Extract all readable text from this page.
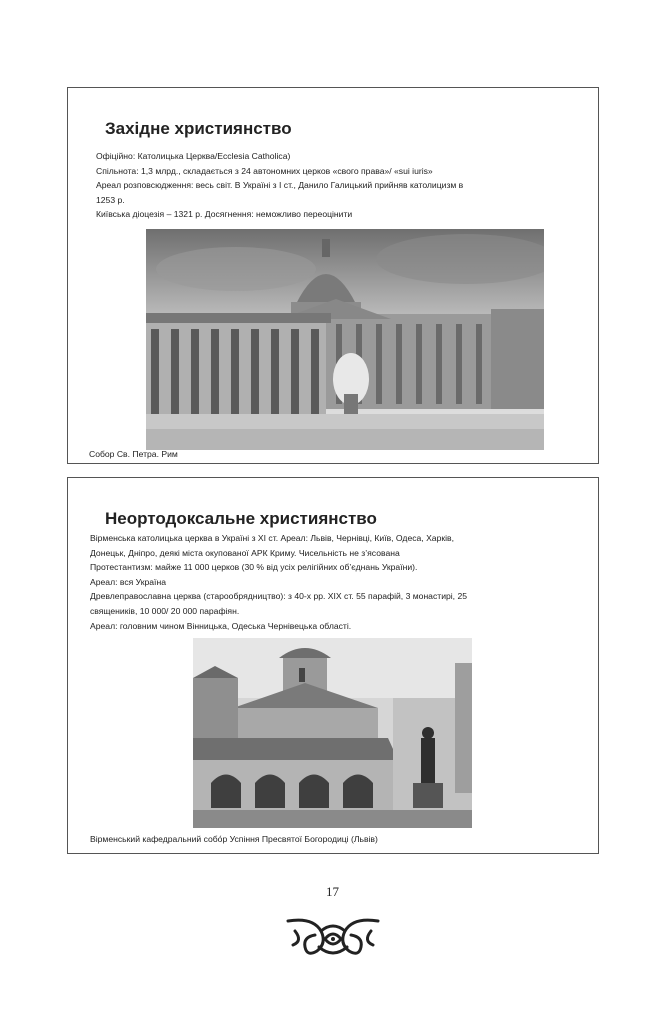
Західне християнство

Офіційно: Католицька Церква/Ecclesia Catholica)

Спільнота: 1,3 млрд., складається з 24 автономних церков «свого права»/ «sui iuris»

Ареал розповсюдження: весь світ. В Україні з I ст., Данило Галицький прийняв католицизм в

1253 р.

Київська діоцезія – 1321 р. Досягнення: неможливо переоцінити

Собор Св. Петра. Рим
Неортодоксальне християнство

Вірменська католицька церква в Україні з XI ст. Ареал: Львів, Чернівці, Київ, Одеса, Харків,

Донецьк, Дніпро, деякі міста окупованої АРК Криму. Чисельність не з’ясована

Протестантизм: майже 11 000 церков (30 % від усіх релігійних об’єднань України).

Ареал: вся Україна

Древлеправославна церква (старообрядництво): з 40-х рр. XIX ст. 55 парафій, 3 монастирі, 25

священиків, 10 000/ 20 000 парафіян.

Ареал: головним чином Вінницька, Одеська Чернівецька області.

Вірменський кафедральний собо́р Успіння Пресвятої Богородиці (Львів)
17
